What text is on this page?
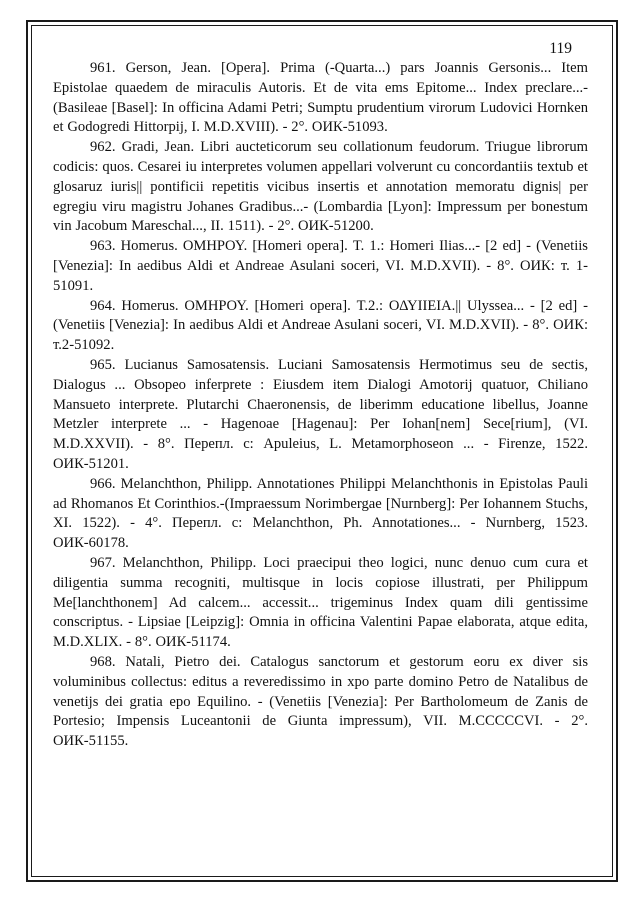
119

961. Gerson, Jean. [Opera]. Prima (-Quarta...) pars Joannis Gersonis... Item Epistolae quaedem de miraculis Autoris. Et de vita ems Epitome... Index preclare...- (Basileae [Basel]: In officina Adami Petri; Sumptu prudentium virorum Ludovici Hornken et Godogredi Hittorpij, I. M.D.XVIII). - 2°. ОИК-51093.

962. Gradi, Jean. Libri aucteticorum seu collationum feudorum. Triugue librorum codicis: quos. Cesarei iu interpretes volumen appellari volverunt cu concordantiis textub et glosaruz iuris|| pontificii repetitis vicibus insertis et annotation memoratu dignis| per egregiu viru magistru Johanes Gradibus...- (Lombardia [Lyon]: Impressum per bonestum vin Jacobum Mareschal..., II. 1511). - 2°. ОИК-51200.

963. Homerus. ΟΜΗΡΟΥ. [Homeri opera]. T. 1.: Homeri Ilias...- [2 ed] - (Venetiis [Venezia]: In aedibus Aldi et Andreae Asulani soceri, VI. M.D.XVII). - 8°. ОИК: т. 1-51091.

964. Homerus. ΟΜΗΡΟΥ. [Homeri opera]. T.2.: ΟΔΥΙΙΕΙΑ.|| Ulyssea... - [2 ed] - (Venetiis [Venezia]: In aedibus Aldi et Andreae Asulani soceri, VI. M.D.XVII). - 8°. ОИК: т.2-51092.

965. Lucianus Samosatensis. Luciani Samosatensis Hermotimus seu de sectis, Dialogus ... Obsopeo inferprete : Eiusdem item Dialogi Amotorij quatuor, Chiliano Mansueto interprete. Plutarchi Chaeronensis, de liberimm educatione libellus, Joanne Metzler interprete ... - Hagenoae [Hagenau]: Per Iohan[nem] Sece[rium], (VI. M.D.XXVII). - 8°. Перепл. с: Apuleius, L. Metamorphoseon ... - Firenze, 1522. ОИК-51201.

966. Melanchthon, Philipp. Annotationes Philippi Melanchthonis in Epistolas Pauli ad Rhomanos Et Corinthios.-(Impraessum Norimbergae [Nurnberg]: Per Iohannem Stuchs, XI. 1522). - 4°. Перепл. с: Melanchthon, Ph. Annotationes... - Nurnberg, 1523. ОИК-60178.

967. Melanchthon, Philipp. Loci praecipui theo logici, nunc denuo cum cura et diligentia summa recogniti, multisque in locis copiose illustrati, per Philippum Me[lanchthonem] Ad calcem... accessit... trigeminus Index quam dili gentissime conscriptus. - Lipsiae [Leipzig]: Omnia in officina Valentini Papae elaborata, atque edita, M.D.XLIX. - 8°. ОИК-51174.

968. Natali, Pietro dei. Catalogus sanctorum et gestorum eoru ex diver sis voluminibus collectus: editus a reveredissimo in xpo parte domino Petro de Natalibus de venetijs dei gratia epo Equilino. - (Venetiis [Venezia]: Per Bartholomeum de Zanis de Portesio; Impensis Luceantonii de Giunta impressum), VII. M.CCCCCVI. - 2°. ОИК-51155.
